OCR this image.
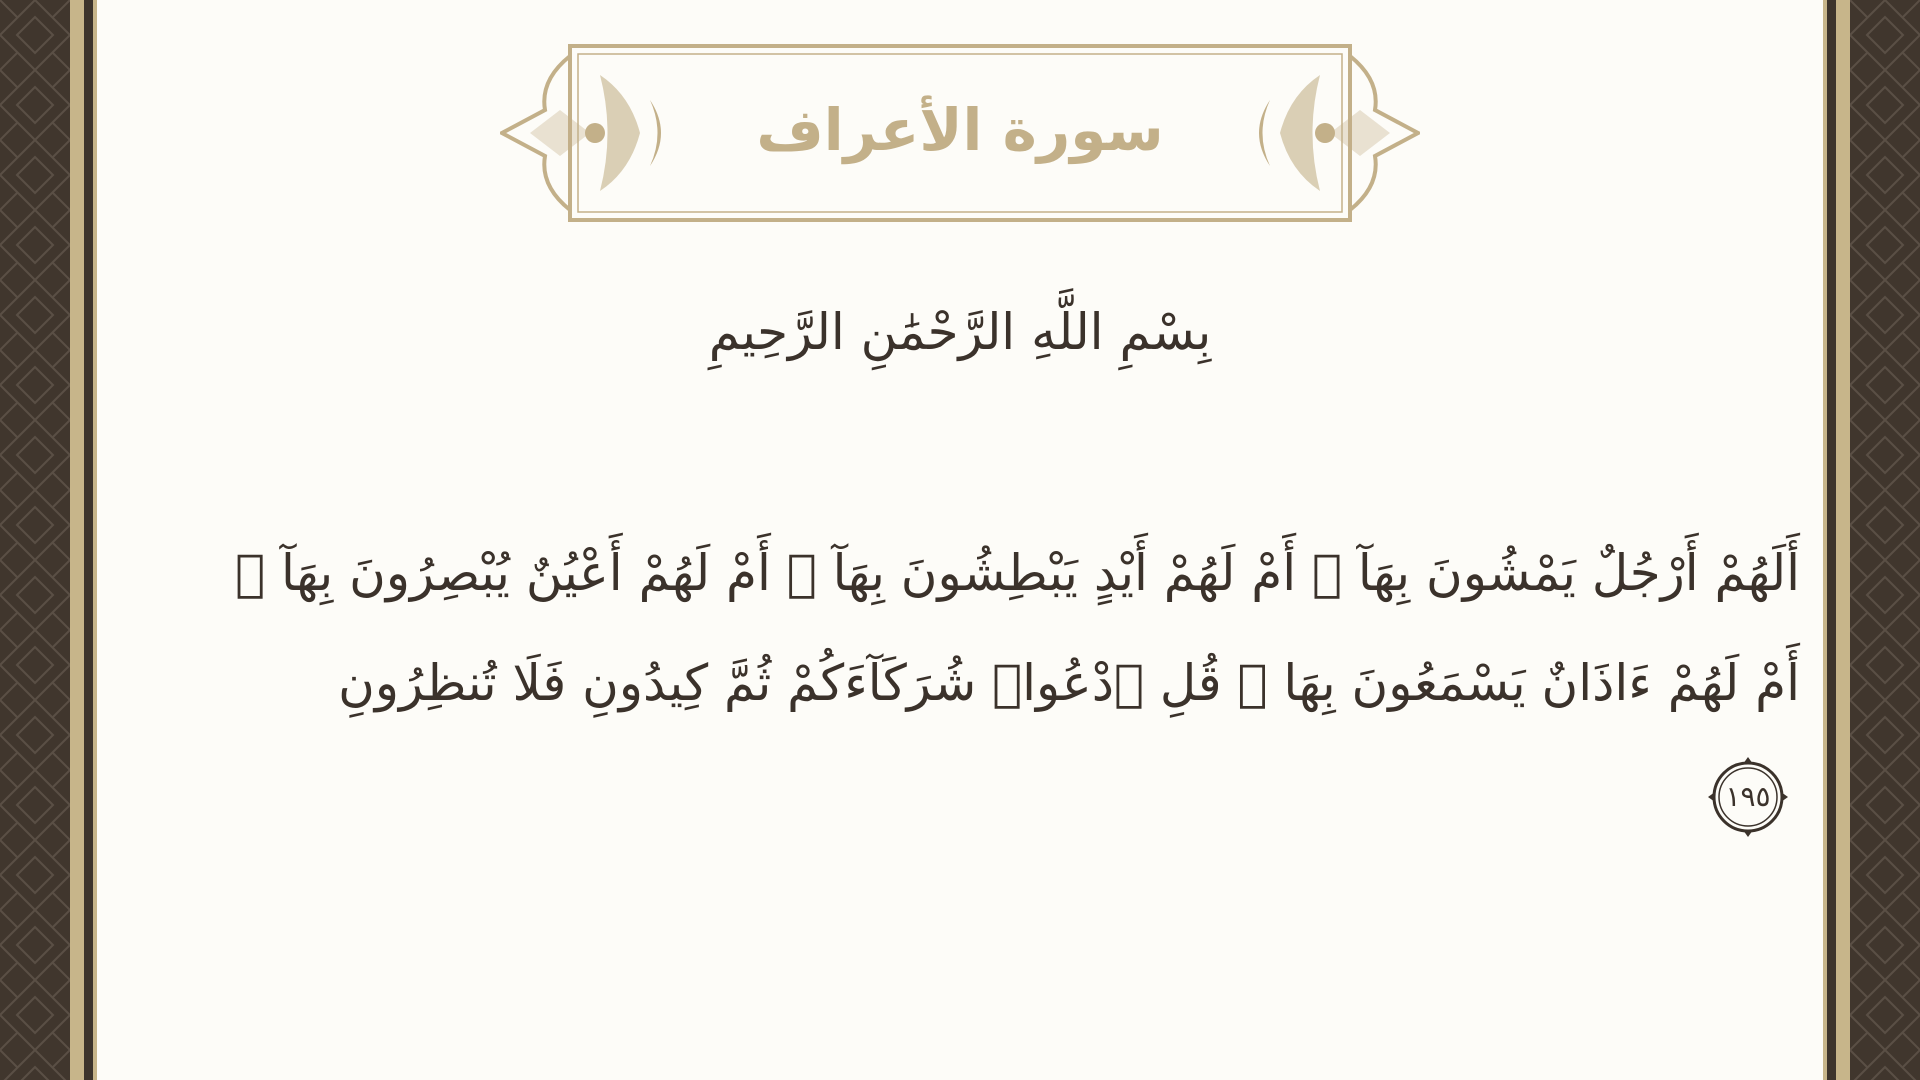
سورة الأعراف
بِسْمِ اللَّهِ الرَّحْمَٰنِ الرَّحِيمِ
أَلَهُمْ أَرْجُلٌ يَمْشُونَ بِهَآ ۖ أَمْ لَهُمْ أَيْدٍ يَبْطِشُونَ بِهَآ ۖ أَمْ لَهُمْ أَعْيُنٌ يُبْصِرُونَ بِهَآ ۖ أَمْ لَهُمْ ءَاذَانٌ يَسْمَعُونَ بِهَا ۗ قُلِ ٱدْعُوا۟ شُرَكَآءَكُمْ ثُمَّ كِيدُونِ فَلَا تُنظِرُونِ
١٩٥
